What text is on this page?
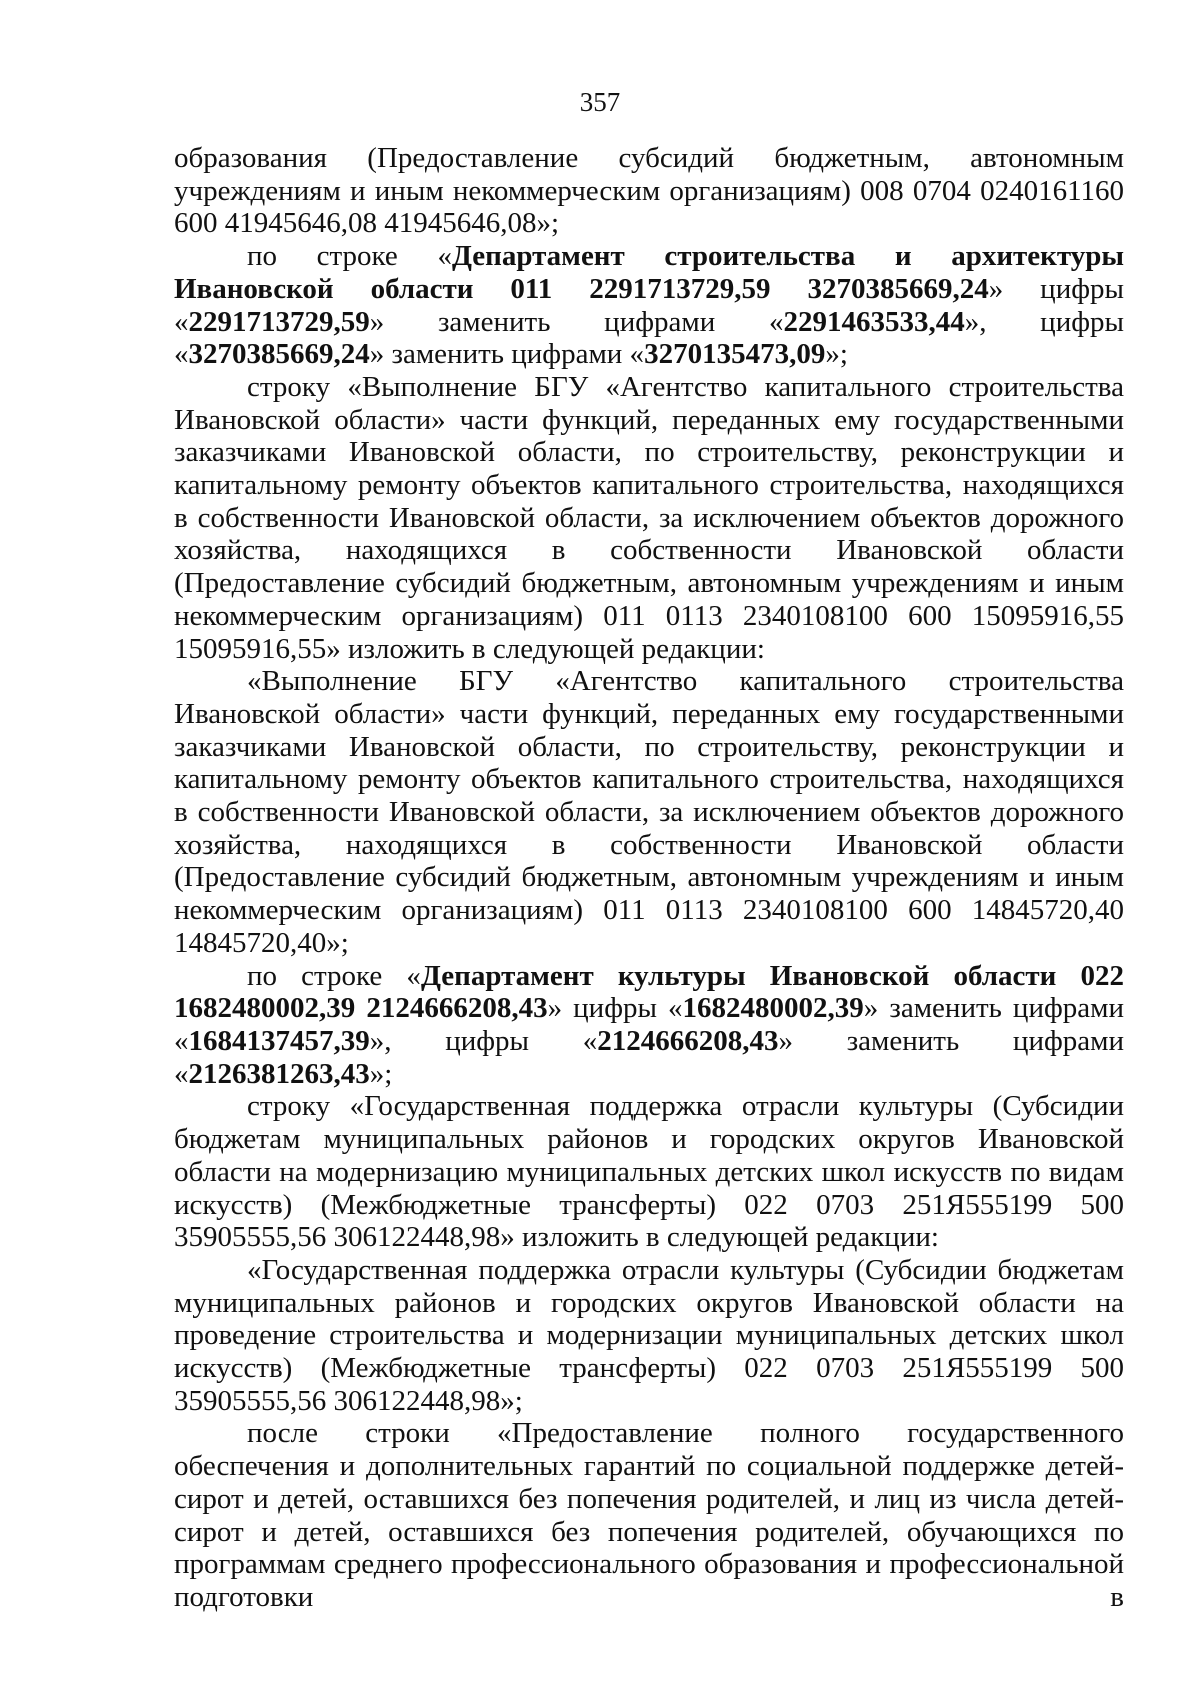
357

образования (Предоставление субсидий бюджетным, автономным учреждениям и иным некоммерческим организациям) 008 0704 0240161160 600 41945646,08 41945646,08»;

по строке «Департамент строительства и архитектуры Ивановской области 011 2291713729,59 3270385669,24» цифры «2291713729,59» заменить цифрами «2291463533,44», цифры «3270385669,24» заменить цифрами «3270135473,09»;

строку «Выполнение БГУ «Агентство капитального строительства Ивановской области» части функций, переданных ему государственными заказчиками Ивановской области, по строительству, реконструкции и капитальному ремонту объектов капитального строительства, находящихся в собственности Ивановской области, за исключением объектов дорожного хозяйства, находящихся в собственности Ивановской области (Предоставление субсидий бюджетным, автономным учреждениям и иным некоммерческим организациям) 011 0113 2340108100 600 15095916,55 15095916,55» изложить в следующей редакции:

«Выполнение БГУ «Агентство капитального строительства Ивановской области» части функций, переданных ему государственными заказчиками Ивановской области, по строительству, реконструкции и капитальному ремонту объектов капитального строительства, находящихся в собственности Ивановской области, за исключением объектов дорожного хозяйства, находящихся в собственности Ивановской области (Предоставление субсидий бюджетным, автономным учреждениям и иным некоммерческим организациям) 011 0113 2340108100 600 14845720,40 14845720,40»;

по строке «Департамент культуры Ивановской области 022 1682480002,39 2124666208,43» цифры «1682480002,39» заменить цифрами «1684137457,39», цифры «2124666208,43» заменить цифрами «2126381263,43»;

строку «Государственная поддержка отрасли культуры (Субсидии бюджетам муниципальных районов и городских округов Ивановской области на модернизацию муниципальных детских школ искусств по видам искусств) (Межбюджетные трансферты) 022 0703 251Я555199 500 35905555,56 306122448,98» изложить в следующей редакции:

«Государственная поддержка отрасли культуры (Субсидии бюджетам муниципальных районов и городских округов Ивановской области на проведение строительства и модернизации муниципальных детских школ искусств) (Межбюджетные трансферты) 022 0703 251Я555199 500 35905555,56 306122448,98»;

после строки «Предоставление полного государственного обеспечения и дополнительных гарантий по социальной поддержке детей-сирот и детей, оставшихся без попечения родителей, и лиц из числа детей-сирот и детей, оставшихся без попечения родителей, обучающихся по программам среднего профессионального образования и профессиональной подготовки в
